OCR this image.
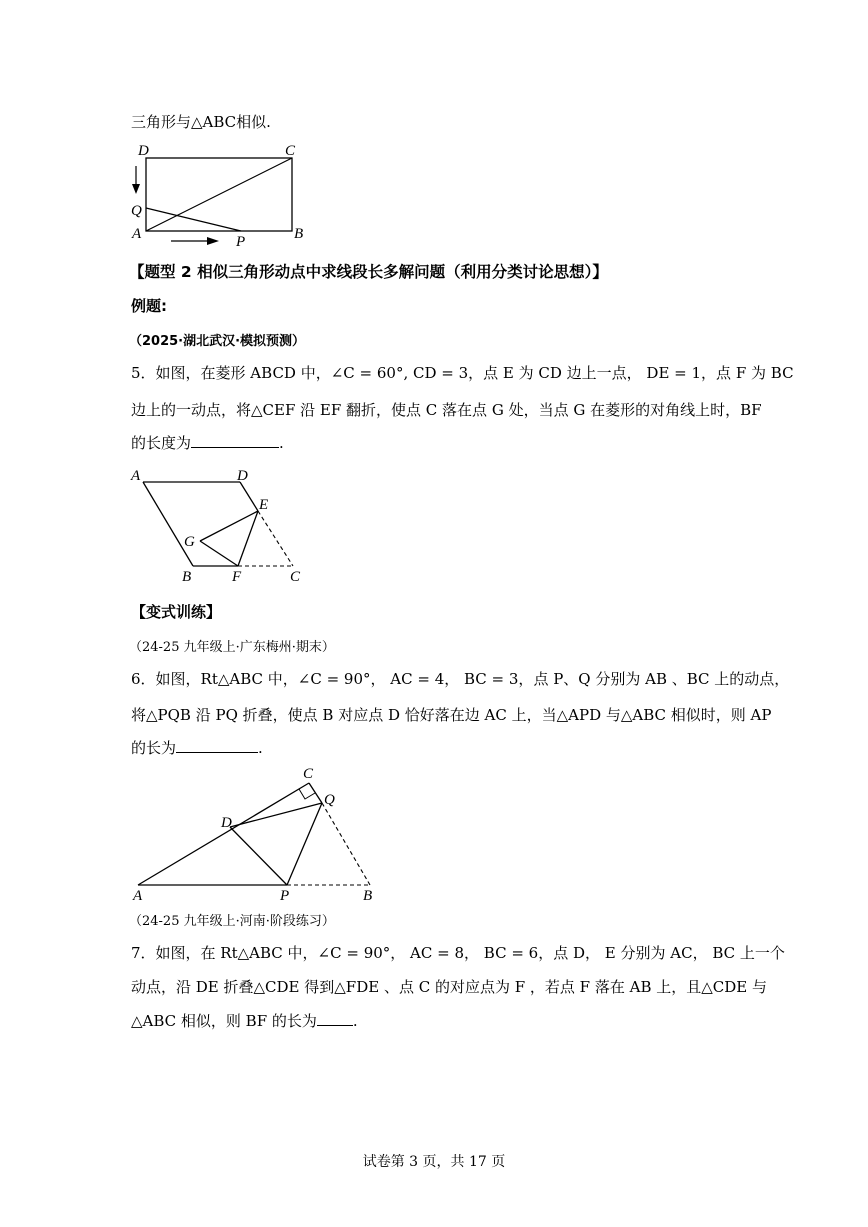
三角形与△ABC相似.
D	C
Q
A	P	B
【题型 2 相似三角形动点中求线段长多解问题（利用分类讨论思想）】
例题:
（2025·湖北武汉·模拟预测）
5．如图，在菱形 ABCD 中，∠C = 60°, CD = 3，点 E 为 CD 边上一点， DE = 1，点 F 为 BC
边上的一动点，将△CEF 沿 EF 翻折，使点 C 落在点 G 处，当点 G 在菱形的对角线上时，BF
的长度为	.
A	D
E
G
B	F	C
【变式训练】
（24-25 九年级上·广东梅州·期末）
6．如图，Rt△ABC 中，∠C = 90°， AC = 4， BC = 3，点 P、Q 分别为 AB 、BC 上的动点，
将△PQB 沿 PQ 折叠，使点 B 对应点 D 恰好落在边 AC 上，当△APD 与△ABC 相似时，则 AP
的长为	.
C
Q
D
A	P	B
（24-25 九年级上·河南·阶段练习）
7．如图，在 Rt△ABC 中，∠C = 90°， AC = 8， BC = 6，点 D， E 分别为 AC， BC 上一个
动点，沿 DE 折叠△CDE 得到△FDE 、点 C 的对应点为 F ，若点 F 落在 AB 上，且△CDE 与
△ABC 相似，则 BF 的长为 .
试卷第 3 页，共 17 页
